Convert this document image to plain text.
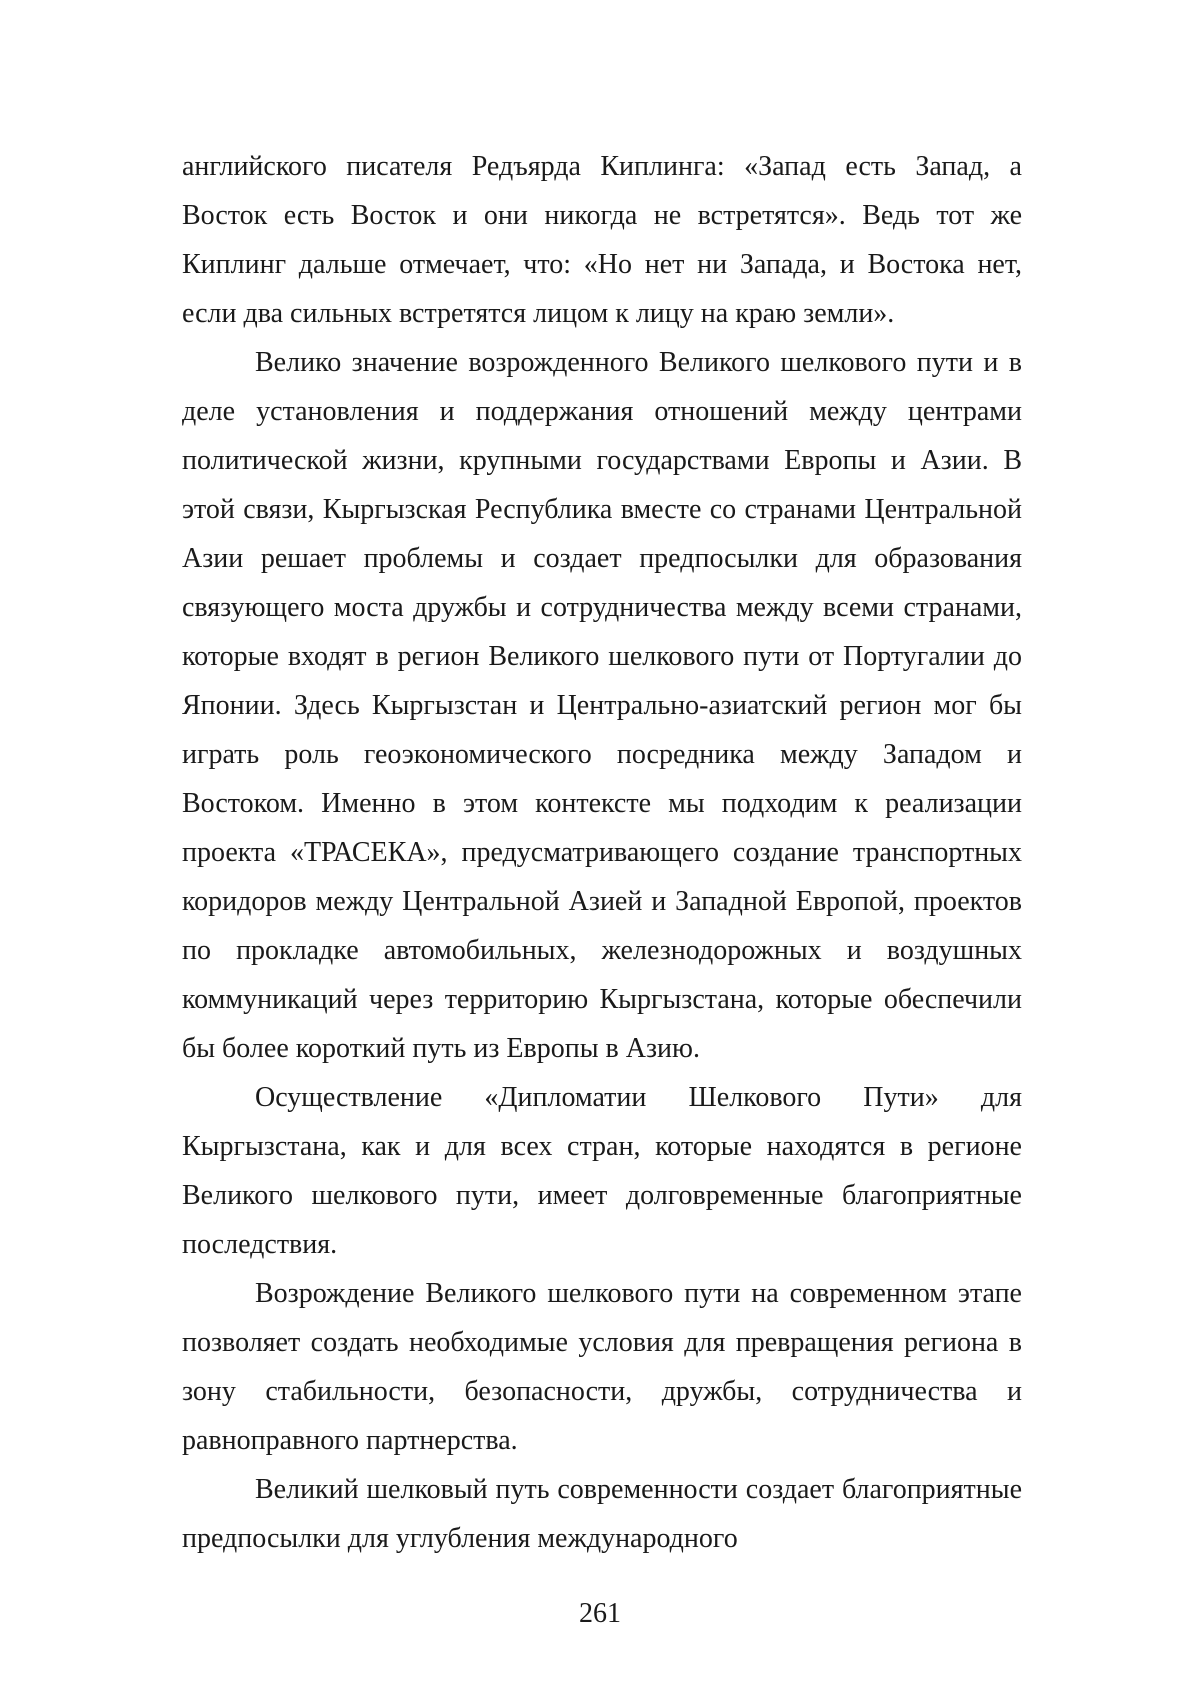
английского писателя Редъярда Киплинга: «Запад есть Запад, а Восток есть Восток и они никогда не встретятся». Ведь тот же Киплинг дальше отмечает, что: «Но нет ни Запада, и Востока нет, если два сильных встретятся лицом к лицу на краю земли».

Велико значение возрожденного Великого шелкового пути и в деле установления и поддержания отношений между центрами политической жизни, крупными государствами Европы и Азии. В этой связи, Кыргызская Республика вместе со странами Центральной Азии решает проблемы и создает предпосылки для образования связующего моста дружбы и сотрудничества между всеми странами, которые входят в регион Великого шелкового пути от Португалии до Японии. Здесь Кыргызстан и Центрально-азиатский регион мог бы играть роль геоэкономического посредника между Западом и Востоком. Именно в этом контексте мы подходим к реализации проекта «ТРАСЕКА», предусматривающего создание транспортных коридоров между Центральной Азией и Западной Европой, проектов по прокладке автомобильных, железнодорожных и воздушных коммуникаций через территорию Кыргызстана, которые обеспечили бы более короткий путь из Европы в Азию.

Осуществление «Дипломатии Шелкового Пути» для Кыргызстана, как и для всех стран, которые находятся в регионе Великого шелкового пути, имеет долговременные благоприятные последствия.

Возрождение Великого шелкового пути на современном этапе позволяет создать необходимые условия для превращения региона в зону стабильности, безопасности, дружбы, сотрудничества и равноправного партнерства.

Великий шелковый путь современности создает благоприятные предпосылки для углубления международного

261
